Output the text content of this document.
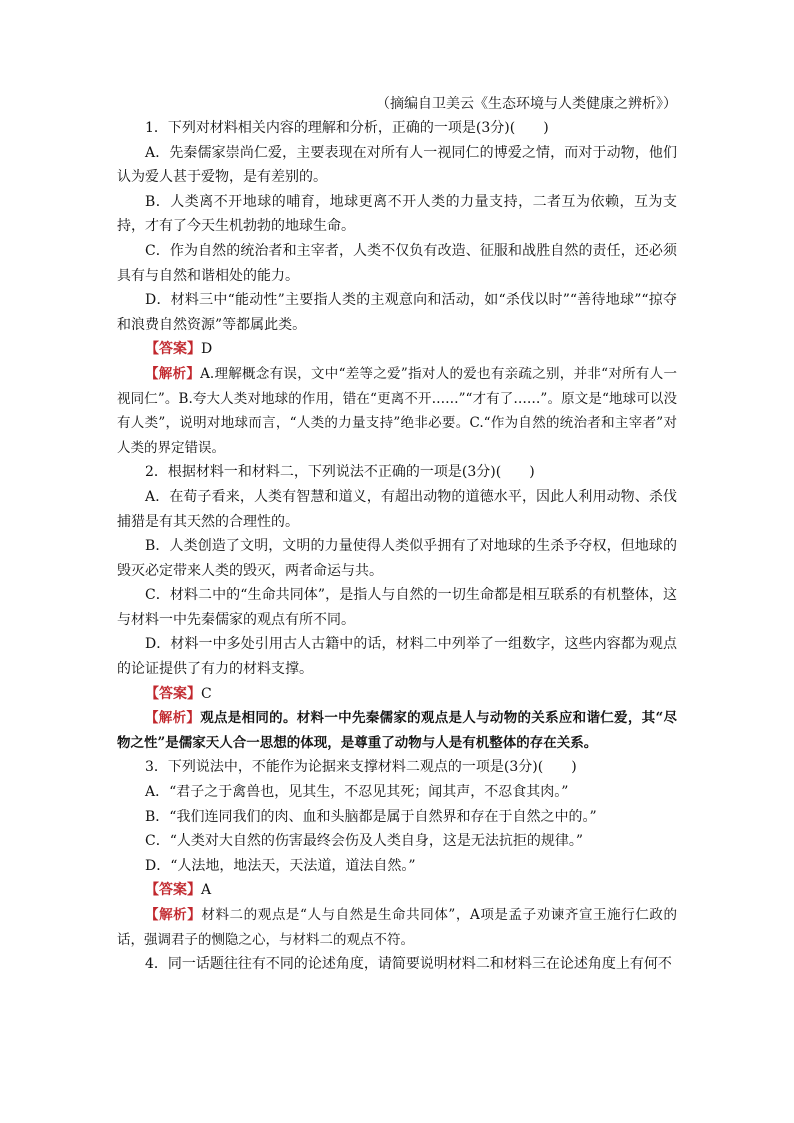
（摘编自卫美云《生态环境与人类健康之辨析》）

1．下列对材料相关内容的理解和分析，正确的一项是(3分)(　　)

A．先秦儒家崇尚仁爱，主要表现在对所有人一视同仁的博爱之情，而对于动物，他们认为爱人甚于爱物，是有差别的。

B．人类离不开地球的哺育，地球更离不开人类的力量支持，二者互为依赖，互为支持，才有了今天生机勃勃的地球生命。

C．作为自然的统治者和主宰者，人类不仅负有改造、征服和战胜自然的责任，还必须具有与自然和谐相处的能力。

D．材料三中“能动性”主要指人类的主观意向和活动，如“杀伐以时”“善待地球”“掠夺和浪费自然资源”等都属此类。

【答案】D

【解析】A.理解概念有误，文中“差等之爱”指对人的爱也有亲疏之别，并非“对所有人一视同仁”。B.夸大人类对地球的作用，错在“更离不开……”“才有了……”。原文是“地球可以没有人类”，说明对地球而言，“人类的力量支持”绝非必要。C.“作为自然的统治者和主宰者”对人类的界定错误。

2．根据材料一和材料二，下列说法不正确的一项是(3分)(　　)

A．在荀子看来，人类有智慧和道义，有超出动物的道德水平，因此人利用动物、杀伐捕猎是有其天然的合理性的。

B．人类创造了文明，文明的力量使得人类似乎拥有了对地球的生杀予夺权，但地球的毁灭必定带来人类的毁灭，两者命运与共。

C．材料二中的“生命共同体”，是指人与自然的一切生命都是相互联系的有机整体，这与材料一中先秦儒家的观点有所不同。

D．材料一中多处引用古人古籍中的话，材料二中列举了一组数字，这些内容都为观点的论证提供了有力的材料支撑。

【答案】C

【解析】观点是相同的。材料一中先秦儒家的观点是人与动物的关系应和谐仁爱，其“尽物之性”是儒家天人合一思想的体现，是尊重了动物与人是有机整体的存在关系。

3．下列说法中，不能作为论据来支撑材料二观点的一项是(3分)(　　)

A．“君子之于禽兽也，见其生，不忍见其死；闻其声，不忍食其肉。”

B．“我们连同我们的肉、血和头脑都是属于自然界和存在于自然之中的。”

C．“人类对大自然的伤害最终会伤及人类自身，这是无法抗拒的规律。”

D．“人法地，地法天，天法道，道法自然。”

【答案】A

【解析】材料二的观点是“人与自然是生命共同体”，A项是孟子劝谏齐宣王施行仁政的话，强调君子的恻隐之心，与材料二的观点不符。

4．同一话题往往有不同的论述角度，请简要说明材料二和材料三在论述角度上有何不
